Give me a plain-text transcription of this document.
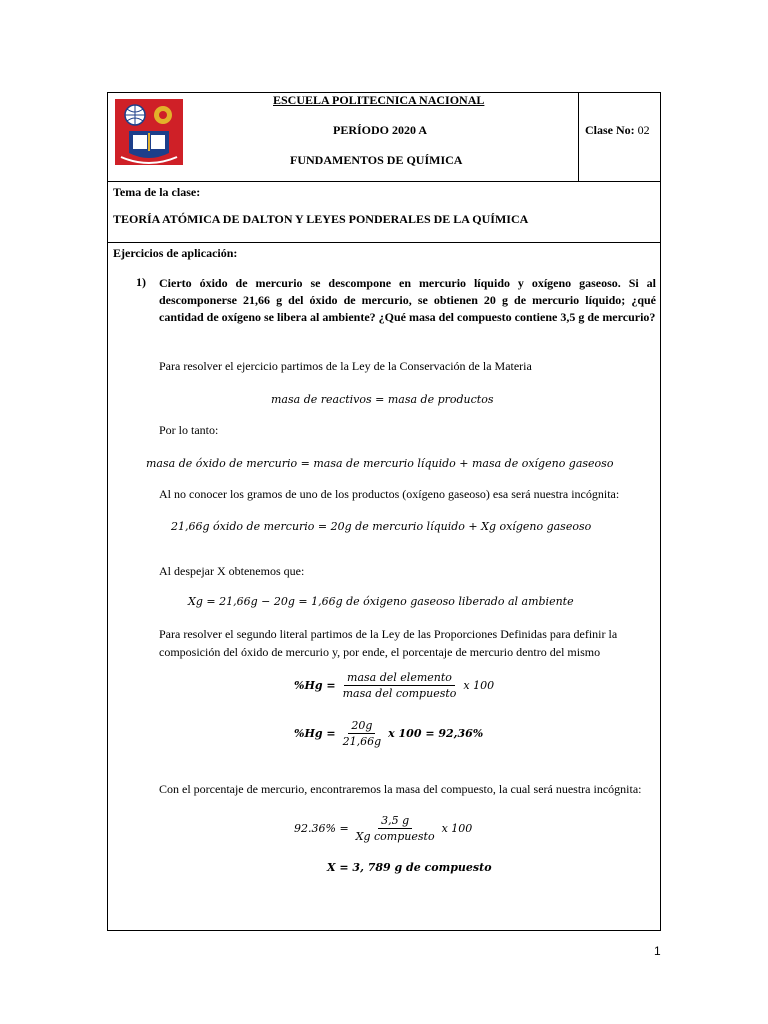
ESCUELA POLITECNICA NACIONAL
PERÍODO 2020 A
FUNDAMENTOS DE QUÍMICA
Clase No: 02
Tema de la clase:
TEORÍA ATÓMICA DE DALTON Y LEYES PONDERALES DE LA QUÍMICA
Ejercicios de aplicación:
1) Cierto óxido de mercurio se descompone en mercurio líquido y oxígeno gaseoso. Si al descomponerse 21,66 g del óxido de mercurio, se obtienen 20 g de mercurio líquido; ¿qué cantidad de oxígeno se libera al ambiente? ¿Qué masa del compuesto contiene 3,5 g de mercurio?
Para resolver el ejercicio partimos de la Ley de la Conservación de la Materia
masa de reactivos = masa de productos
Por lo tanto:
masa de óxido de mercurio = masa de mercurio líquido + masa de oxígeno gaseoso
Al no conocer los gramos de uno de los productos (oxígeno gaseoso) esa será nuestra incógnita:
21,66g óxido de mercurio = 20g de mercurio líquido + Xg oxígeno gaseoso
Al despejar X obtenemos que:
Xg = 21,66g − 20g = 1,66g de óxigeno gaseoso liberado al ambiente
Para resolver el segundo literal partimos de la Ley de las Proporciones Definidas para definir la composición del óxido de mercurio y, por ende, el porcentaje de mercurio dentro del mismo
$\%Hg = \frac{\text{masa del elemento}}{\text{masa del compuesto}}$ x 100
$\%Hg = \frac{20g}{21,66g}$ x 100 = 92,36%
Con el porcentaje de mercurio, encontraremos la masa del compuesto, la cual será nuestra incógnita:
$92.36\% = \frac{3,5 g}{\text{Xg compuesto}}$ x 100
X = 3, 789 g de compuesto
1
